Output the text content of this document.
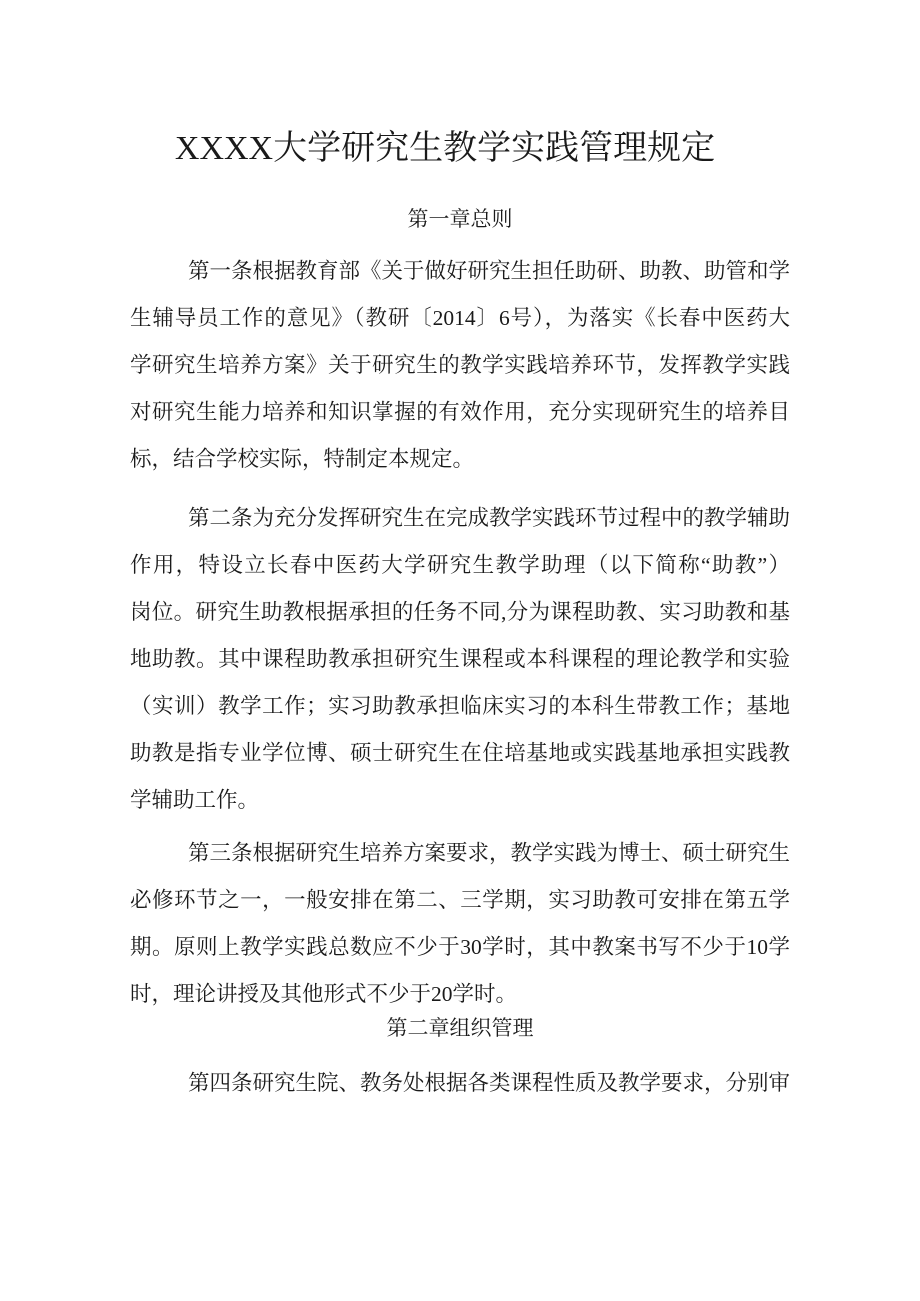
XXXX大学研究生教学实践管理规定
第一章总则
第一条根据教育部《关于做好研究生担任助研、助教、助管和学
生辅导员工作的意见》（教研〔2014〕6号），为落实《长春中医药大
学研究生培养方案》关于研究生的教学实践培养环节，发挥教学实践
对研究生能力培养和知识掌握的有效作用，充分实现研究生的培养目
标，结合学校实际，特制定本规定。
第二条为充分发挥研究生在完成教学实践环节过程中的教学辅助
作用，特设立长春中医药大学研究生教学助理（以下简称“助教”）
岗位。研究生助教根据承担的任务不同,分为课程助教、实习助教和基
地助教。其中课程助教承担研究生课程或本科课程的理论教学和实验
（实训）教学工作；实习助教承担临床实习的本科生带教工作；基地
助教是指专业学位博、硕士研究生在住培基地或实践基地承担实践教
学辅助工作。
第三条根据研究生培养方案要求，教学实践为博士、硕士研究生
必修环节之一，一般安排在第二、三学期，实习助教可安排在第五学
期。原则上教学实践总数应不少于30学时，其中教案书写不少于10学
时，理论讲授及其他形式不少于20学时。
第二章组织管理
第四条研究生院、教务处根据各类课程性质及教学要求，分别审
